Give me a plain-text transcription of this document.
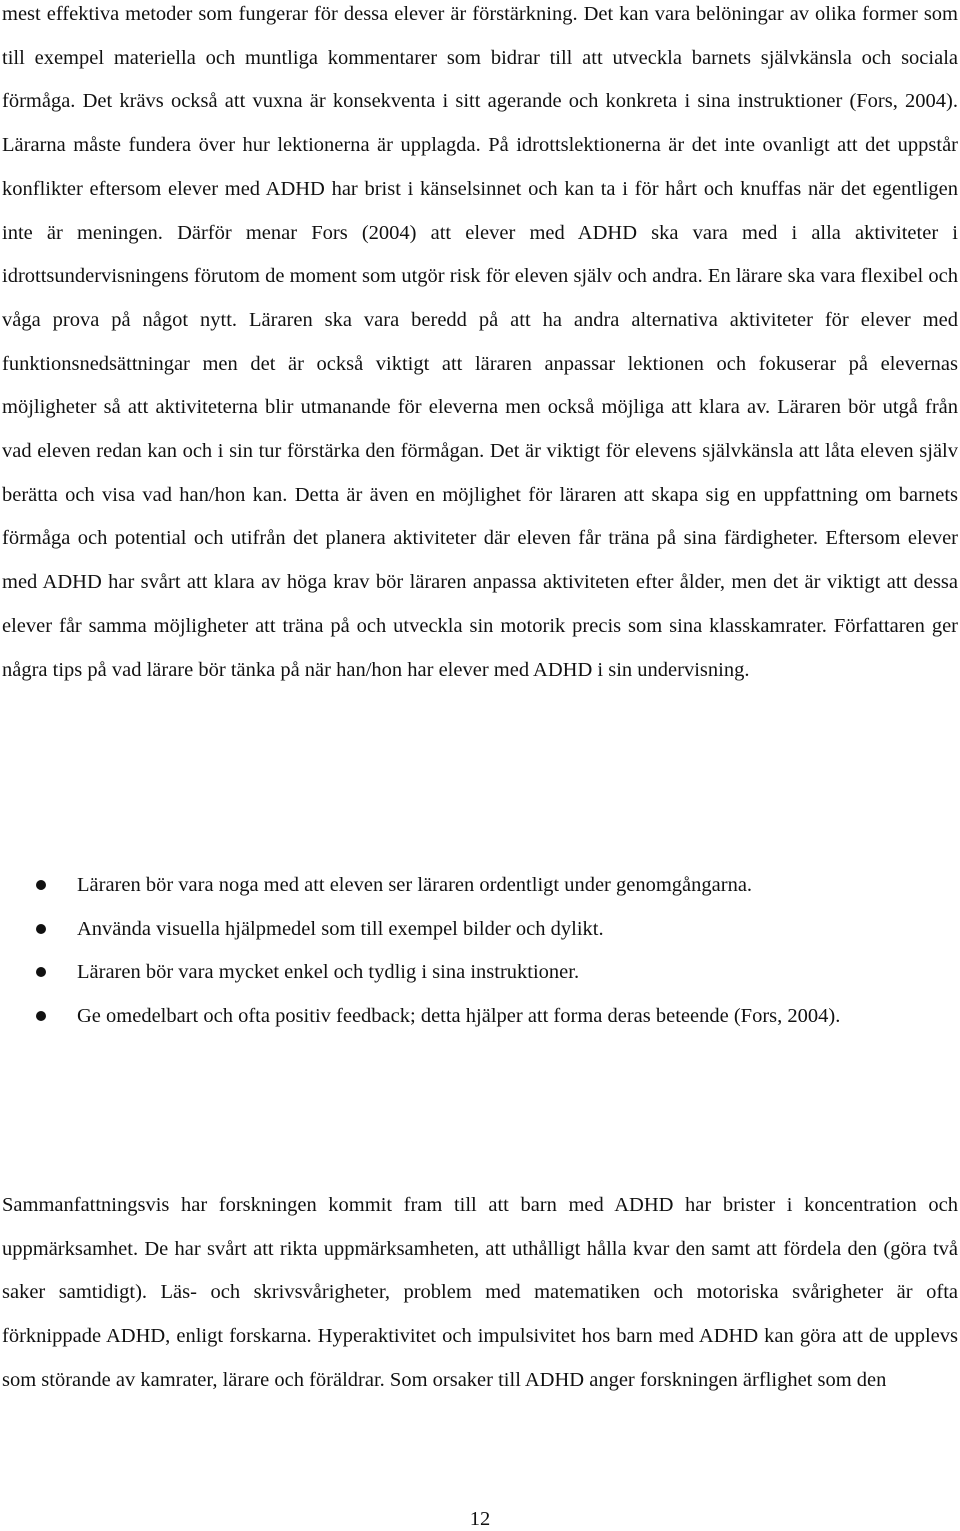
mest effektiva metoder som fungerar för dessa elever är förstärkning. Det kan vara belöningar av olika former som till exempel materiella och muntliga kommentarer som bidrar till att utveckla barnets självkänsla och sociala förmåga. Det krävs också att vuxna är konsekventa i sitt agerande och konkreta i sina instruktioner (Fors, 2004). Lärarna måste fundera över hur lektionerna är upplagda. På idrottslektionerna är det inte ovanligt att det uppstår konflikter eftersom elever med ADHD har brist i känselsinnet och kan ta i för hårt och knuffas när det egentligen inte är meningen. Därför menar Fors (2004) att elever med ADHD ska vara med i alla aktiviteter i idrottsundervisningens förutom de moment som utgör risk för eleven själv och andra. En lärare ska vara flexibel och våga prova på något nytt. Läraren ska vara beredd på att ha andra alternativa aktiviteter för elever med funktionsnedsättningar men det är också viktigt att läraren anpassar lektionen och fokuserar på elevernas möjligheter så att aktiviteterna blir utmanande för eleverna men också möjliga att klara av. Läraren bör utgå från vad eleven redan kan och i sin tur förstärka den förmågan. Det är viktigt för elevens självkänsla att låta eleven själv berätta och visa vad han/hon kan. Detta är även en möjlighet för läraren att skapa sig en uppfattning om barnets förmåga och potential och utifrån det planera aktiviteter där eleven får träna på sina färdigheter. Eftersom elever med ADHD har svårt att klara av höga krav bör läraren anpassa aktiviteten efter ålder, men det är viktigt att dessa elever får samma möjligheter att träna på och utveckla sin motorik precis som sina klasskamrater. Författaren ger några tips på vad lärare bör tänka på när han/hon har elever med ADHD i sin undervisning.

Läraren bör vara noga med att eleven ser läraren ordentligt under genomgångarna.
Använda visuella hjälpmedel som till exempel bilder och dylikt.
Läraren bör vara mycket enkel och tydlig i sina instruktioner.
Ge omedelbart och ofta positiv feedback; detta hjälper att forma deras beteende (Fors, 2004).

Sammanfattningsvis har forskningen kommit fram till att barn med ADHD har brister i koncentration och uppmärksamhet. De har svårt att rikta uppmärksamheten, att uthålligt hålla kvar den samt att fördela den (göra två saker samtidigt). Läs- och skrivsvårigheter, problem med matematiken och motoriska svårigheter är ofta förknippade ADHD, enligt forskarna. Hyperaktivitet och impulsivitet hos barn med ADHD kan göra att de upplevs som störande av kamrater, lärare och föräldrar. Som orsaker till ADHD anger forskningen ärflighet som den

12
